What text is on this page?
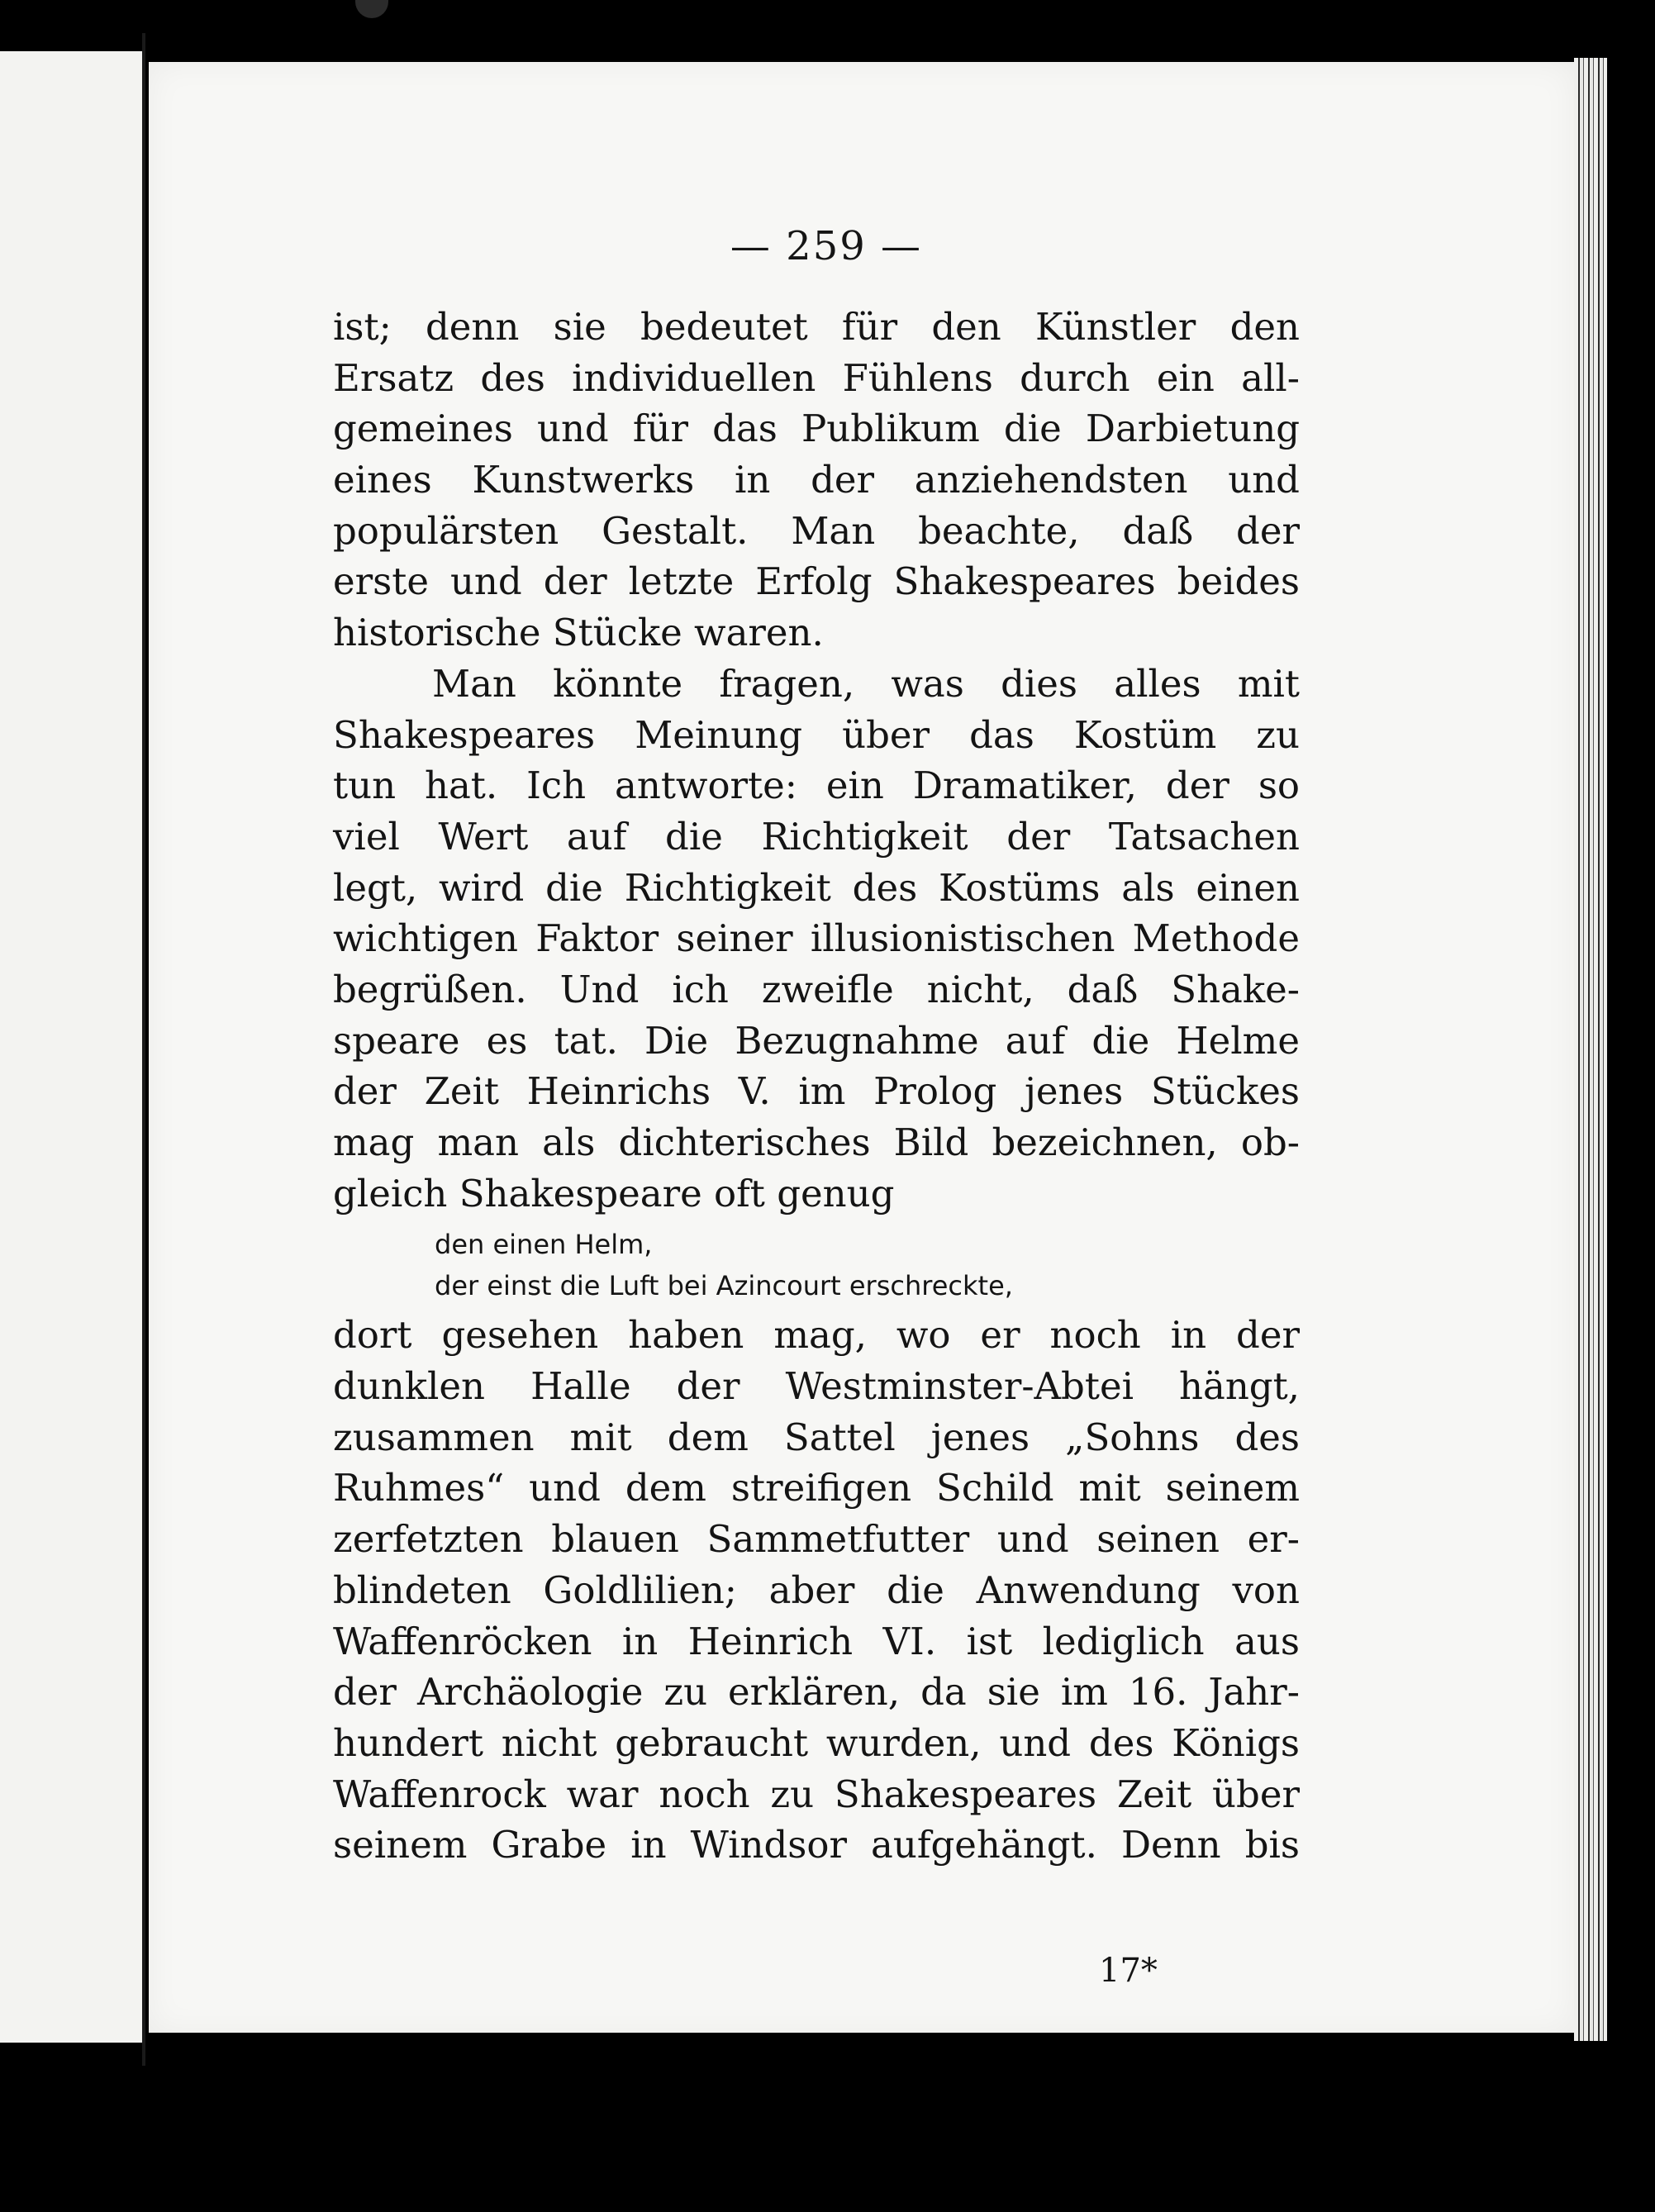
— 259 —
ist; denn sie bedeutet für den Künstler den
Ersatz des individuellen Fühlens durch ein all-
gemeines und für das Publikum die Darbietung
eines Kunstwerks in der anziehendsten und
populärsten Gestalt. Man beachte, daß der
erste und der letzte Erfolg Shakespeares beides
historische Stücke waren.
Man könnte fragen, was dies alles mit
Shakespeares Meinung über das Kostüm zu
tun hat. Ich antworte: ein Dramatiker, der so
viel Wert auf die Richtigkeit der Tatsachen
legt, wird die Richtigkeit des Kostüms als einen
wichtigen Faktor seiner illusionistischen Methode
begrüßen. Und ich zweifle nicht, daß Shake-
speare es tat. Die Bezugnahme auf die Helme
der Zeit Heinrichs V. im Prolog jenes Stückes
mag man als dichterisches Bild bezeichnen, ob-
gleich Shakespeare oft genug
den einen Helm,
der einst die Luft bei Azincourt erschreckte,
dort gesehen haben mag, wo er noch in der
dunklen Halle der Westminster-Abtei hängt,
zusammen mit dem Sattel jenes „Sohns des
Ruhmes“ und dem streifigen Schild mit seinem
zerfetzten blauen Sammetfutter und seinen er-
blindeten Goldlilien; aber die Anwendung von
Waffenröcken in Heinrich VI. ist lediglich aus
der Archäologie zu erklären, da sie im 16. Jahr-
hundert nicht gebraucht wurden, und des Königs
Waffenrock war noch zu Shakespeares Zeit über
seinem Grabe in Windsor aufgehängt. Denn bis
17*
